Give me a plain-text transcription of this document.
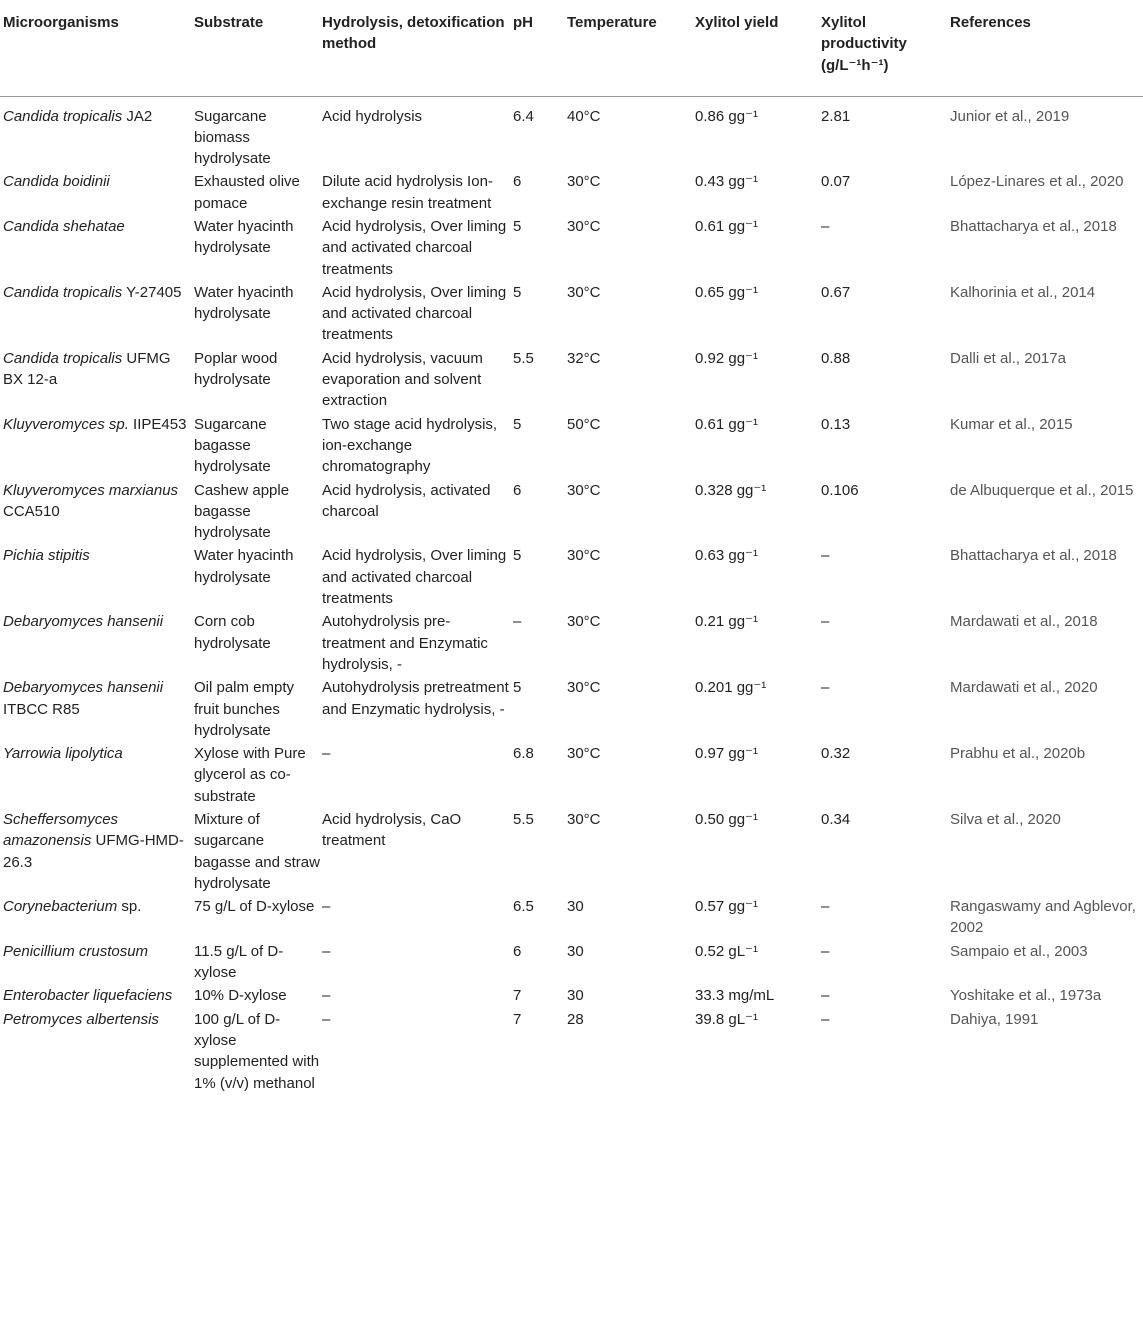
Microorganisms	Substrate	Hydrolysis, detoxification method	pH	Temperature	Xylitol yield	Xylitol productivity (g/L⁻¹h⁻¹)	References

Candida tropicalis JA2	Sugarcane biomass hydrolysate	Acid hydrolysis	6.4	40°C	0.86 gg⁻¹	2.81	Junior et al., 2019

Candida boidinii	Exhausted olive pomace	Dilute acid hydrolysis Ion-exchange resin treatment	6	30°C	0.43 gg⁻¹	0.07	López-Linares et al., 2020

Candida shehatae	Water hyacinth hydrolysate	Acid hydrolysis, Over liming and activated charcoal treatments	5	30°C	0.61 gg⁻¹	–	Bhattacharya et al., 2018

Candida tropicalis Y-27405	Water hyacinth hydrolysate	Acid hydrolysis, Over liming and activated charcoal treatments	5	30°C	0.65 gg⁻¹	0.67	Kalhorinia et al., 2014

Candida tropicalis UFMG BX 12-a	Poplar wood hydrolysate	Acid hydrolysis, vacuum evaporation and solvent extraction	5.5	32°C	0.92 gg⁻¹	0.88	Dalli et al., 2017a

Kluyveromyces sp. IIPE453	Sugarcane bagasse hydrolysate	Two stage acid hydrolysis, ion-exchange chromatography	5	50°C	0.61 gg⁻¹	0.13	Kumar et al., 2015

Kluyveromyces marxianus CCA510	Cashew apple bagasse hydrolysate	Acid hydrolysis, activated charcoal	6	30°C	0.328 gg⁻¹	0.106	de Albuquerque et al., 2015

Pichia stipitis	Water hyacinth hydrolysate	Acid hydrolysis, Over liming and activated charcoal treatments	5	30°C	0.63 gg⁻¹	–	Bhattacharya et al., 2018

Debaryomyces hansenii	Corn cob hydrolysate	Autohydrolysis pre-treatment and Enzymatic hydrolysis, -	–	30°C	0.21 gg⁻¹	–	Mardawati et al., 2018

Debaryomyces hansenii ITBCC R85	Oil palm empty fruit bunches hydrolysate	Autohydrolysis pretreatment and Enzymatic hydrolysis, -	5	30°C	0.201 gg⁻¹	–	Mardawati et al., 2020

Yarrowia lipolytica	Xylose with Pure glycerol as co-substrate	–	6.8	30°C	0.97 gg⁻¹	0.32	Prabhu et al., 2020b

Scheffersomyces amazonensis UFMG-HMD-26.3	Mixture of sugarcane bagasse and straw hydrolysate	Acid hydrolysis, CaO treatment	5.5	30°C	0.50 gg⁻¹	0.34	Silva et al., 2020

Corynebacterium sp.	75 g/L of D-xylose	–	6.5	30	0.57 gg⁻¹	–	Rangaswamy and Agblevor, 2002

Penicillium crustosum	11.5 g/L of D-xylose	–	6	30	0.52 gL⁻¹	–	Sampaio et al., 2003

Enterobacter liquefaciens	10% D-xylose	–	7	30	33.3 mg/mL	–	Yoshitake et al., 1973a

Petromyces albertensis	100 g/L of D-xylose supplemented with 1% (v/v) methanol	–	7	28	39.8 gL⁻¹	–	Dahiya, 1991
